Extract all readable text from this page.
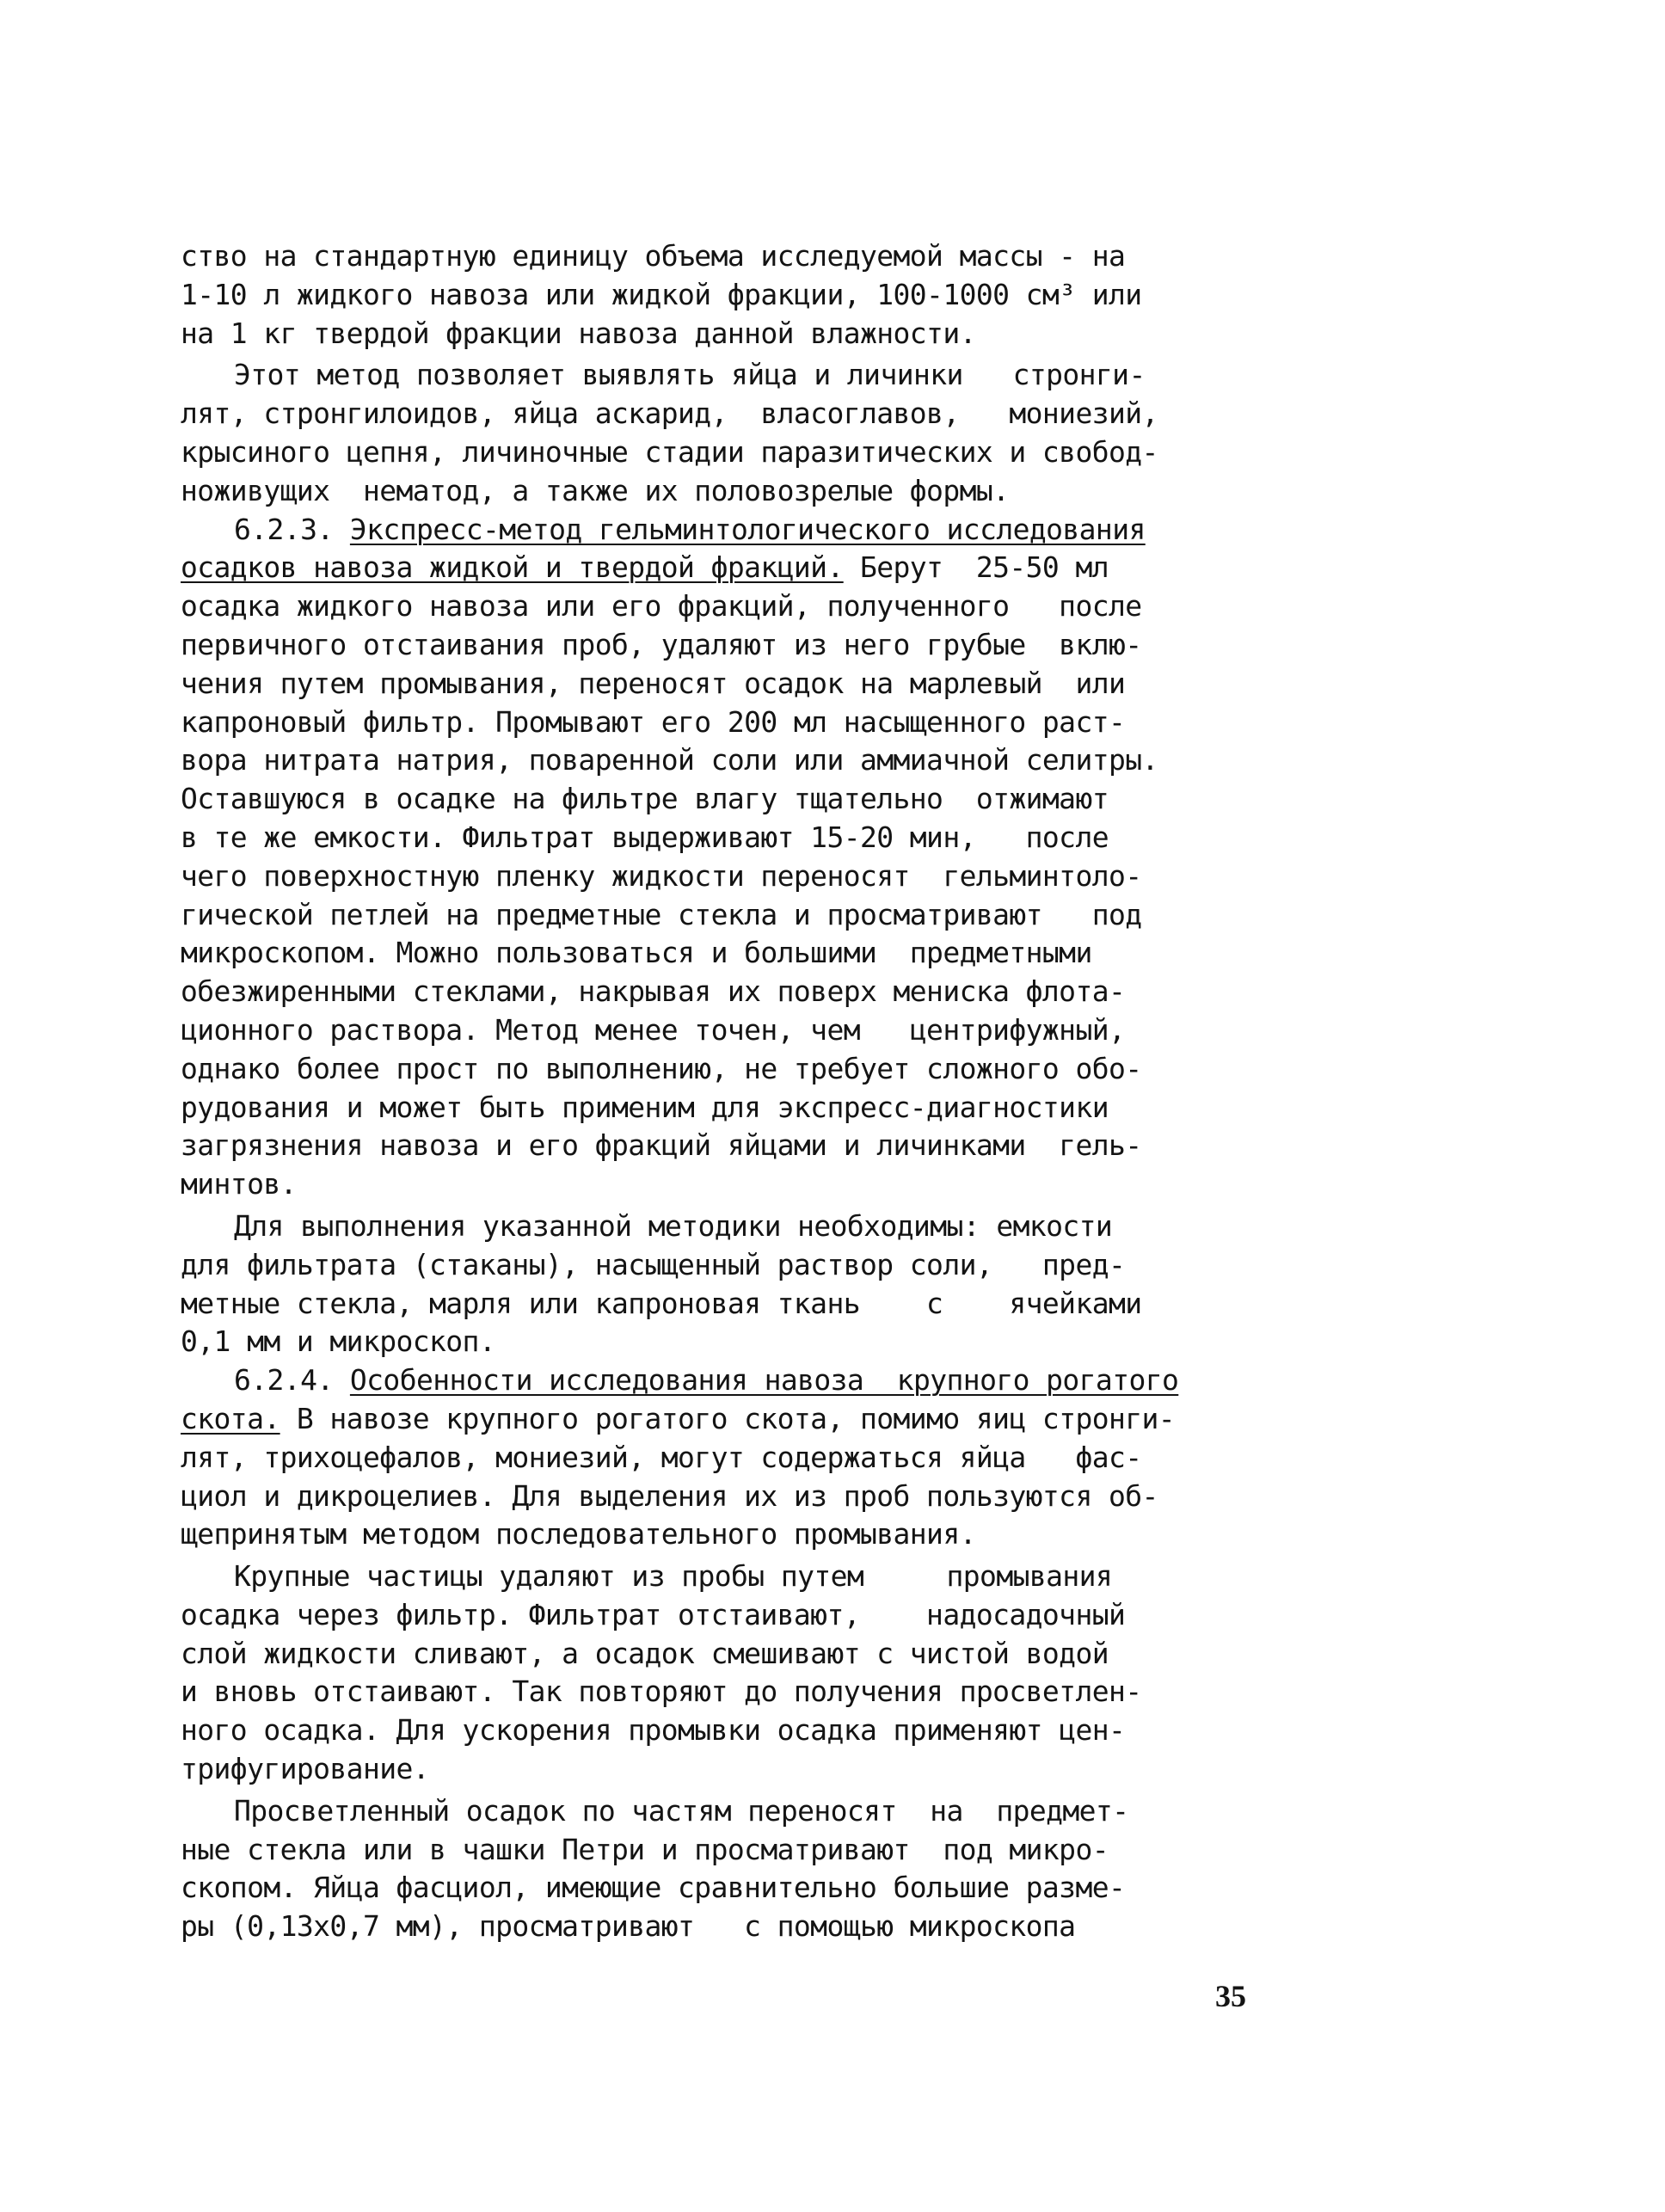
ство на стандартную единицу объема исследуемой массы - на
1-10 л жидкого навоза или жидкой фракции, 100-1000 см³ или
на 1 кг твердой фракции навоза данной влажности.
Этот метод позволяет выявлять яйца и личинки   стронги-
лят, стронгилоидов, яйца аскарид,  власоглавов,   мониезий,
крысиного цепня, личиночные стадии паразитических и свобод-
ноживущих  нематод, а также их половозрелые формы.
6.2.3. Экспресс-метод гельминтологического исследования
осадков навоза жидкой и твердой фракций. Берут  25-50 мл
осадка жидкого навоза или его фракций, полученного   после
первичного отстаивания проб, удаляют из него грубые  вклю-
чения путем промывания, переносят осадок на марлевый  или
капроновый фильтр. Промывают его 200 мл насыщенного раст-
вора нитрата натрия, поваренной соли или аммиачной селитры.
Оставшуюся в осадке на фильтре влагу тщательно  отжимают
в те же емкости. Фильтрат выдерживают 15-20 мин,   после
чего поверхностную пленку жидкости переносят  гельминтоло-
гической петлей на предметные стекла и просматривают   под
микроскопом. Можно пользоваться и большими  предметными
обезжиренными стеклами, накрывая их поверх мениска флота-
ционного раствора. Метод менее точен, чем   центрифужный,
однако более прост по выполнению, не требует сложного обо-
рудования и может быть применим для экспресс-диагностики
загрязнения навоза и его фракций яйцами и личинками  гель-
минтов.
Для выполнения указанной методики необходимы: емкости
для фильтрата (стаканы), насыщенный раствор соли,   пред-
метные стекла, марля или капроновая ткань    с    ячейками
0,1 мм и микроскоп.
6.2.4. Особенности исследования навоза  крупного рогатого
скота. В навозе крупного рогатого скота, помимо яиц стронги-
лят, трихоцефалов, мониезий, могут содержаться яйца   фас-
циол и дикроцелиев. Для выделения их из проб пользуются об-
щепринятым методом последовательного промывания.
Крупные частицы удаляют из пробы путем     промывания
осадка через фильтр. Фильтрат отстаивают,    надосадочный
слой жидкости сливают, а осадок смешивают с чистой водой
и вновь отстаивают. Так повторяют до получения просветлен-
ного осадка. Для ускорения промывки осадка применяют цен-
трифугирование.
Просветленный осадок по частям переносят  на  предмет-
ные стекла или в чашки Петри и просматривают  под микро-
скопом. Яйца фасциол, имеющие сравнительно большие разме-
ры (0,13х0,7 мм), просматривают   с помощью микроскопа
35
